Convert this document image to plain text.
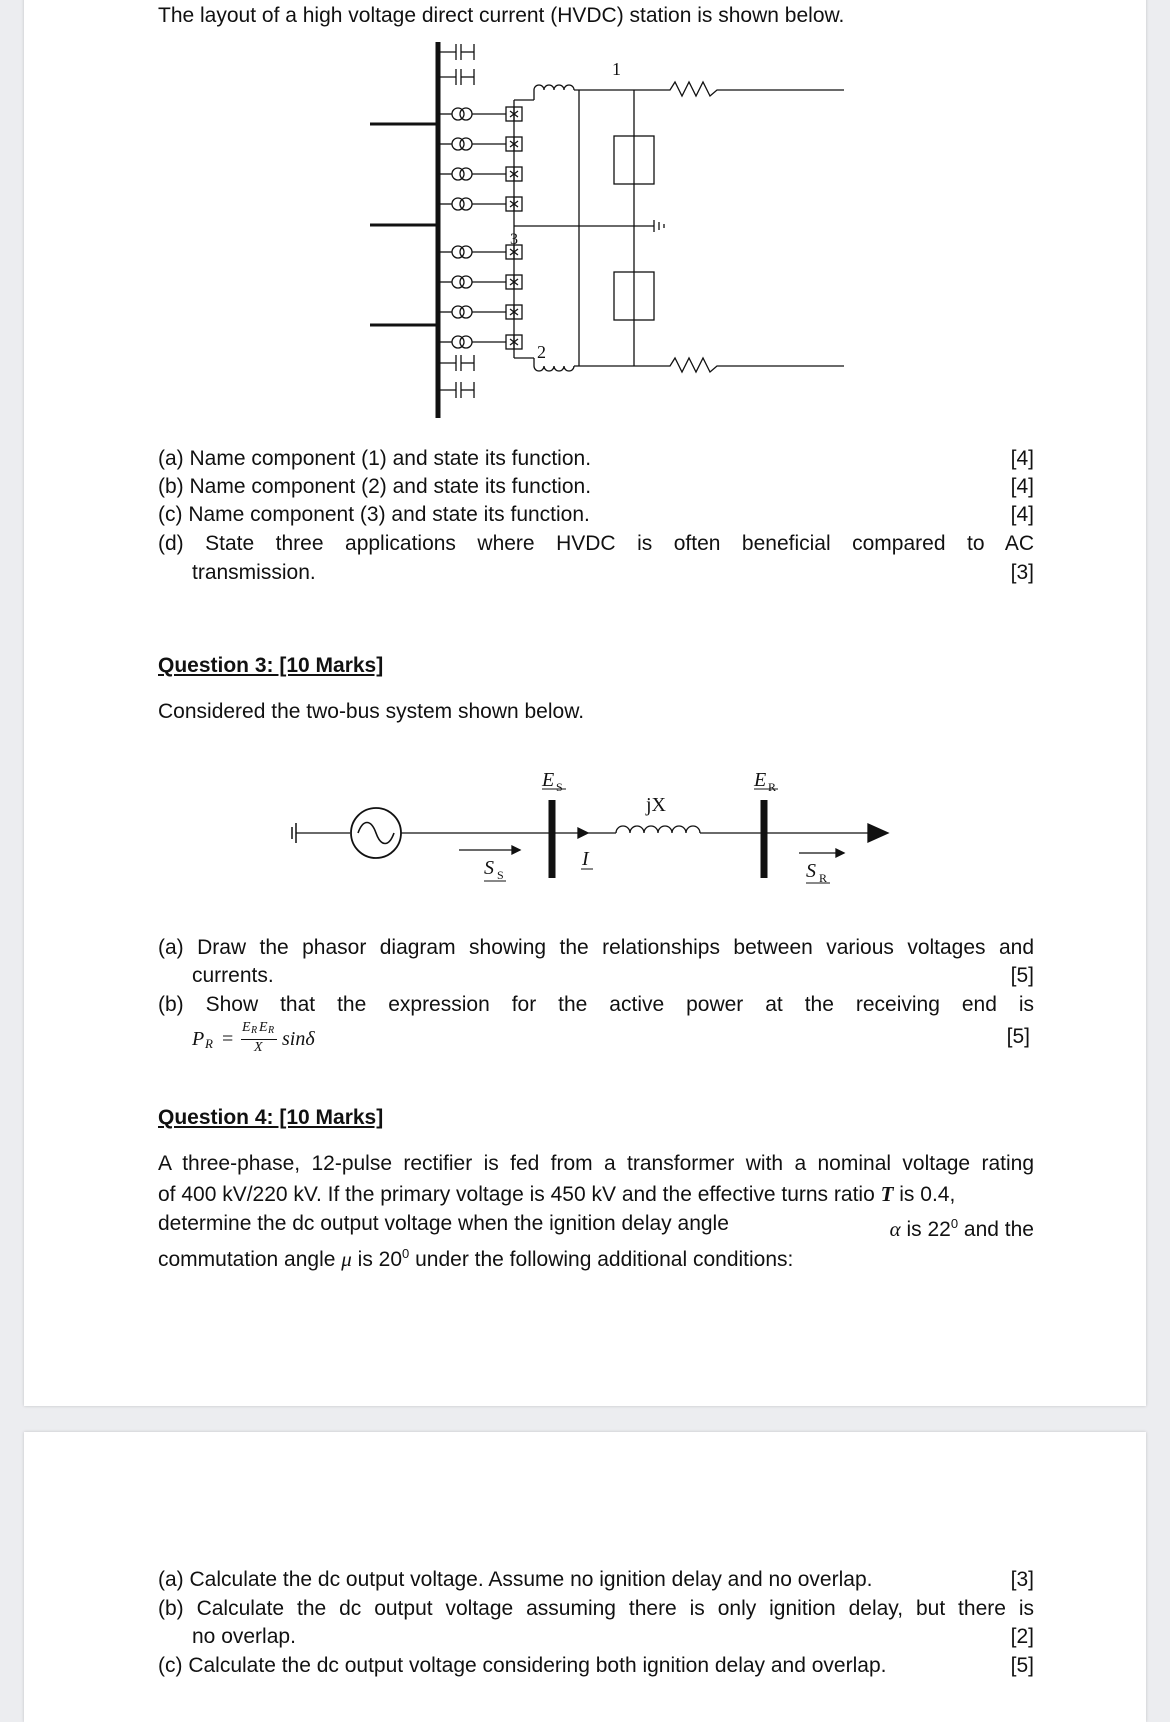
The layout of a high voltage direct current (HVDC) station is shown below.
1
2
3
(a) Name component (1) and state its function.	[4]
(b) Name component (2) and state its function.	[4]
(c) Name component (3) and state its function.	[4]
(d) State three applications where HVDC is often beneficial compared to AC
transmission.	[3]
Question 3: [10 Marks]
Considered the two-bus system shown below.
E S	E R
jX
S S
I
S R
(a) Draw the phasor diagram showing the relationships between various voltages and
currents.	[5]
(b) Show that the expression for the active power at the receiving end is
[5]
P R =
E R E R
X sinδ
Question 4: [10 Marks]
A three-phase, 12-pulse rectifier is fed from a transformer with a nominal voltage rating
of 400 kV/220 kV. If the primary voltage is 450 kV and the effective turns ratio T is 0.4,
determine the dc output voltage when the ignition delay angle	α is $22^0$ and the
commutation angle μ is $20^0$ under the following additional conditions:
(a) Calculate the dc output voltage. Assume no ignition delay and no overlap.	[3]
(b) Calculate the dc output voltage assuming there is only ignition delay, but there is
no overlap.	[2]
(c) Calculate the dc output voltage considering both ignition delay and overlap.	[5]
